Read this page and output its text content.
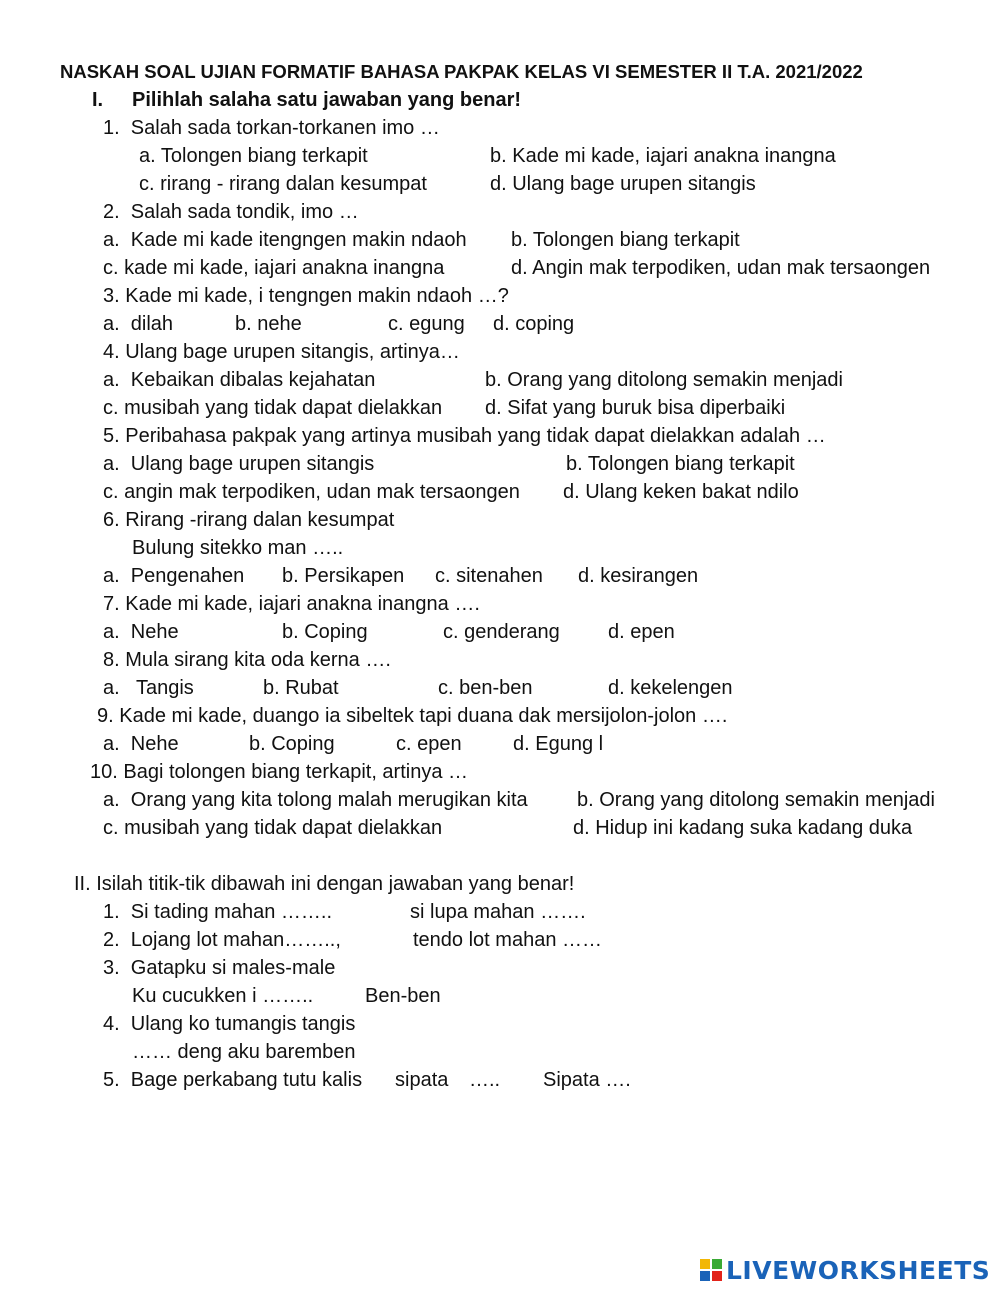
NASKAH SOAL UJIAN FORMATIF BAHASA PAKPAK KELAS VI SEMESTER II T.A. 2021/2022
I. Pilihlah salaha satu jawaban yang benar!
1.  Salah sada torkan-torkanen imo …
a. Tolongen biang terkapit	b. Kade mi kade, iajari anakna inangna
c. rirang - rirang dalan kesumpat	d. Ulang bage urupen sitangis
2.  Salah sada tondik, imo …
a.  Kade mi kade itengngen makin ndaoh b. Tolongen biang terkapit
c. kade mi kade, iajari anakna inangna	d. Angin mak terpodiken, udan mak tersaongen
3. Kade mi kade, i tengngen makin ndaoh …?
a.  dilah	b. nehe	c. egung d. coping
4. Ulang bage urupen sitangis, artinya…
a.  Kebaikan dibalas kejahatan	b. Orang yang ditolong semakin menjadi
c. musibah yang tidak dapat dielakkan d. Sifat yang buruk bisa diperbaiki
5. Peribahasa pakpak yang artinya musibah yang tidak dapat dielakkan adalah …
a.  Ulang bage urupen sitangis	b. Tolongen biang terkapit
c. angin mak terpodiken, udan mak tersaongen d. Ulang keken bakat ndilo
6. Rirang -rirang dalan kesumpat
Bulung sitekko man …..
a.  Pengenahen b. Persikapen c. sitenahen d. kesirangen
7. Kade mi kade, iajari anakna inangna ….
a.  Nehe	b. Coping	c. genderang d. epen
8. Mula sirang kita oda kerna ….
a.   Tangis	b. Rubat	c. ben-ben	d. kekelengen
9. Kade mi kade, duango ia sibeltek tapi duana dak mersijolon-jolon ….
a.  Nehe	b. Coping	c. epen	d. Egung l
10. Bagi tolongen biang terkapit, artinya …
a.  Orang yang kita tolong malah merugikan kita b. Orang yang ditolong semakin menjadi
c. musibah yang tidak dapat dielakkan	d. Hidup ini kadang suka kadang duka
II. Isilah titik-tik dibawah ini dengan jawaban yang benar!
1.  Si tading mahan ……..	si lupa mahan …….
2.  Lojang lot mahan……..,	tendo lot mahan ……
3.  Gatapku si males-male
Ku cucukken i ……..	Ben-ben
4.  Ulang ko tumangis tangis
…… deng aku baremben
5.  Bage perkabang tutu kalis sipata ….. Sipata ….
LIVEWORKSHEETS
